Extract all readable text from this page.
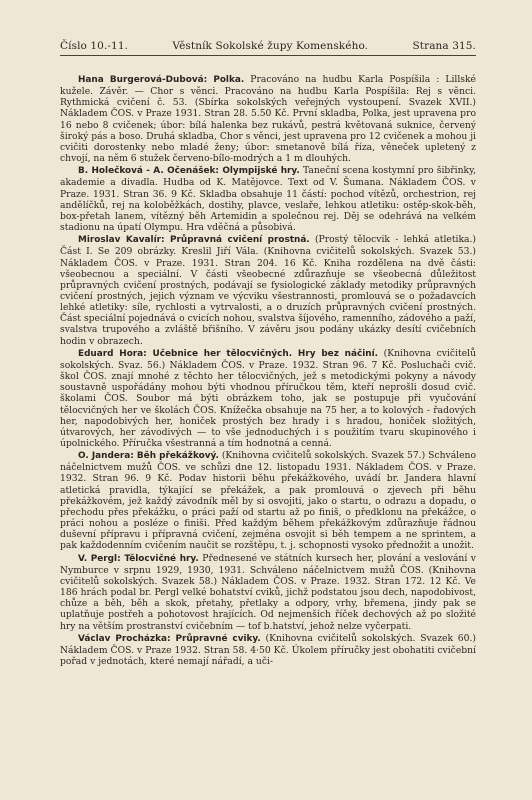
Číslo 10.-11.	Věstník Sokolské župy Komenského.	Strana 315.

Hana Burgerová-Dubová: Polka. Pracováno na hudbu Karla Pospíšila : Lillské kužele. Závěr. — Chor s věnci. Pracováno na hudbu Karla Pospíšila: Rej s věnci. Rythmická cvičení č. 53. (Sbírka sokolských veřejných vystoupení. Svazek XVII.) Nákladem ČOS. v Praze 1931. Stran 28. 5.50 Kč. První skladba, Polka, jest upravena pro 16 nebo 8 cvičenek; úbor: bílá halenka bez rukávů, pestrá květovaná suknice, červený široký pás a boso. Druhá skladba, Chor s věnci, jest upravena pro 12 cvičenek a mohou ji cvičiti dorostenky nebo mladé ženy; úbor: smetanově bílá říza, věneček upletený z chvojí, na něm 6 stužek červeno-bílo-modrých a 1 m dlouhých.

B. Holečková - A. Očenášek: Olympijské hry. Taneční scena kostymní pro šibřinky, akademie a divadla. Hudba od K. Matějovce. Text od V. Šumana. Nákladem ČOS. v Praze. 1931. Stran 36. 9 Kč. Skladba obsahuje 11 částí: pochod vítězů, orchestrion, rej andělíčků, rej na koloběžkách, dostihy, plavce, veslaře, lehkou atletiku: ostěp-skok-běh, box-přetah lanem, vítězný běh Artemidin a společnou rej. Děj se odehrává na velkém stadionu na úpatí Olympu. Hra vděčná a působivá.

Miroslav Kavalír: Průpravná cvičení prostná. (Prostý tělocvik - lehká atletika.) Část I. Se 209 obrázky. Kreslil Jiří Vála. (Knihovna cvičitelů sokolských. Svazek 53.) Nákladem ČOS. v Praze. 1931. Stran 204. 16 Kč. Kniha rozdělena na dvě části: všeobecnou a speciální. V části všeobecné zdůrazňuje se všeobecná důležitost průpravných cvičení prostných, podávají se fysiologické základy metodiky průpravných cvičení prostných, jejich význam ve výcviku všestrannosti, promlouvá se o požadavcích lehké atletiky: síle, rychlosti a vytrvalosti, a o druzích průpravných cvičení prostných. Část speciální pojednává o cvicích nohou, svalstva šíjového, ramenního, zádového a paží, svalstva trupového a zvláště břišního. V závěru jsou podány ukázky desítí cvičebních hodin v obrazech.

Eduard Hora: Učebnice her tělocvičných. Hry bez náčiní. (Knihovna cvičitelů sokolských. Svaz. 56.) Nákladem ČOS. v Praze. 1932. Stran 96. 7 Kč. Posluchači cvič. škol ČOS. znají mnohé z těchto her tělocvičných, jež s metodickými pokyny a návody soustavně uspořádány mohou býti vhodnou příručkou těm, kteří neprošli dosud cvič. školami ČOS. Soubor má býti obrázkem toho, jak se postupuje při vyučování tělocvičných her ve školách ČOS. Knížečka obsahuje na 75 her, a to kolových - řadových her, napodobivých her, honiček prostých bez hrady i s hradou, honiček složitých, útvarových, her závodivých — to vše jednoduchých i s použitím tvaru skupinového i úpolnického. Příručka všestranná a tím hodnotná a cenná.

O. Jandera: Běh překážkový. (Knihovna cvičitelů sokolských. Svazek 57.) Schváleno náčelnictvem mužů ČOS. ve schůzi dne 12. listopadu 1931. Nákladem ČOS. v Praze. 1932. Stran 96. 9 Kč. Podav historii běhu překážkového, uvádí br. Jandera hlavní atletická pravidla, týkající se překážek, a pak promlouvá o zjevech při běhu překážkovém, jež každý závodník měl by si osvojiti, jako o startu, o odrazu a dopadu, o přechodu přes překážku, o práci paží od startu až po finiš, o předklonu na překážce, o práci nohou a posléze o finiši. Před každým během překážkovým zdůrazňuje řádnou duševní přípravu i přípravná cvičení, zejména osvojit si běh tempem a ne sprintem, a pak každodenním cvičením naučit se rozštěpu, t. j. schopnosti vysoko přednožit a unožit.

V. Pergl: Tělocvičné hry. Přednesené ve státních kursech her, plování a veslování v Nymburce v srpnu 1929, 1930, 1931. Schváleno náčelnictvem mužů ČOS. (Knihovna cvičitelů sokolských. Svazek 58.) Nákladem ČOS. v Praze. 1932. Stran 172. 12 Kč. Ve 186 hrách podal br. Pergl velké bohatství cviků, jichž podstatou jsou dech, napodobivost, chůze a běh, běh a skok, přetahy, přetlaky a odpory, vrhy, břemena, jindy pak se uplatňuje postřeh a pohotovost hrajících. Od nejmenších říček dechových až po složité hry na větším prostranství cvičebním — tof b.hatství, jehož nelze vyčerpati.

Václav Procházka: Průpravné cviky. (Knihovna cvičitelů sokolských. Svazek 60.) Nákladem ČOS. v Praze 1932. Stran 58. 4·50 Kč. Úkolem příručky jest obohatiti cvičební pořad v jednotách, které nemají nářadí, a uči-
